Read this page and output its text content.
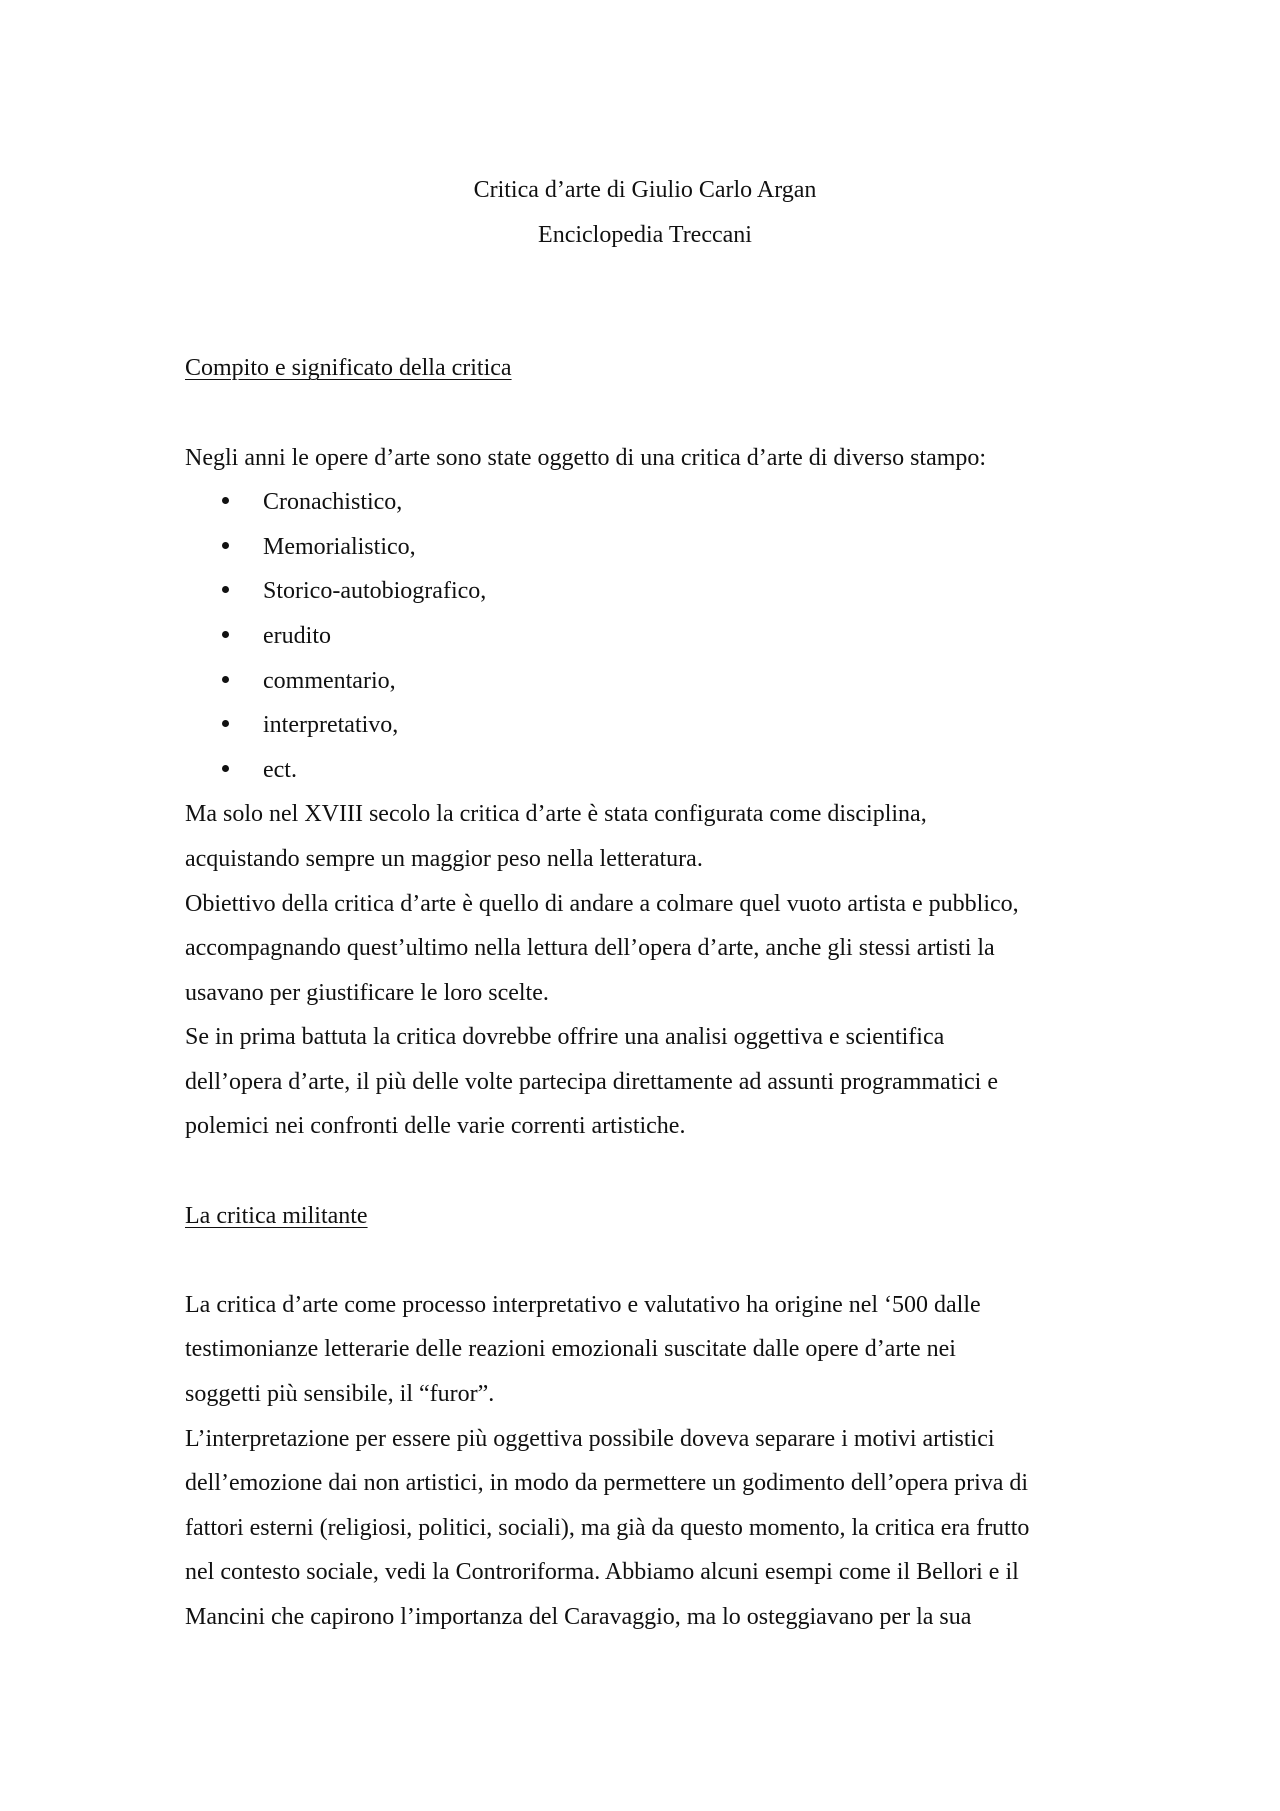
Critica d’arte di Giulio Carlo Argan
Enciclopedia Treccani
Compito e significato della critica
Negli anni le opere d’arte sono state oggetto di una critica d’arte di diverso stampo:
Cronachistico,
Memorialistico,
Storico-autobiografico,
erudito
commentario,
interpretativo,
ect.
Ma solo nel XVIII secolo la critica d’arte è stata configurata come disciplina,
acquistando sempre un maggior peso nella letteratura.
Obiettivo della critica d’arte è quello di andare a colmare quel vuoto artista e pubblico,
accompagnando quest’ultimo nella lettura dell’opera d’arte, anche gli stessi artisti la
usavano per giustificare le loro scelte.
Se in prima battuta la critica dovrebbe offrire una analisi oggettiva e scientifica
dell’opera d’arte, il più delle volte partecipa direttamente ad assunti programmatici e
polemici nei confronti delle varie correnti artistiche.
La critica militante
La critica d’arte come processo interpretativo e valutativo ha origine nel ‘500 dalle
testimonianze letterarie delle reazioni emozionali suscitate dalle opere d’arte nei
soggetti più sensibile, il “furor”.
L’interpretazione per essere più oggettiva possibile doveva separare i motivi artistici
dell’emozione dai non artistici, in modo da permettere un godimento dell’opera priva di
fattori esterni (religiosi, politici, sociali), ma già da questo momento, la critica era frutto
nel contesto sociale, vedi la Controriforma. Abbiamo alcuni esempi come il Bellori e il
Mancini che capirono l’importanza del Caravaggio, ma lo osteggiavano per la sua
